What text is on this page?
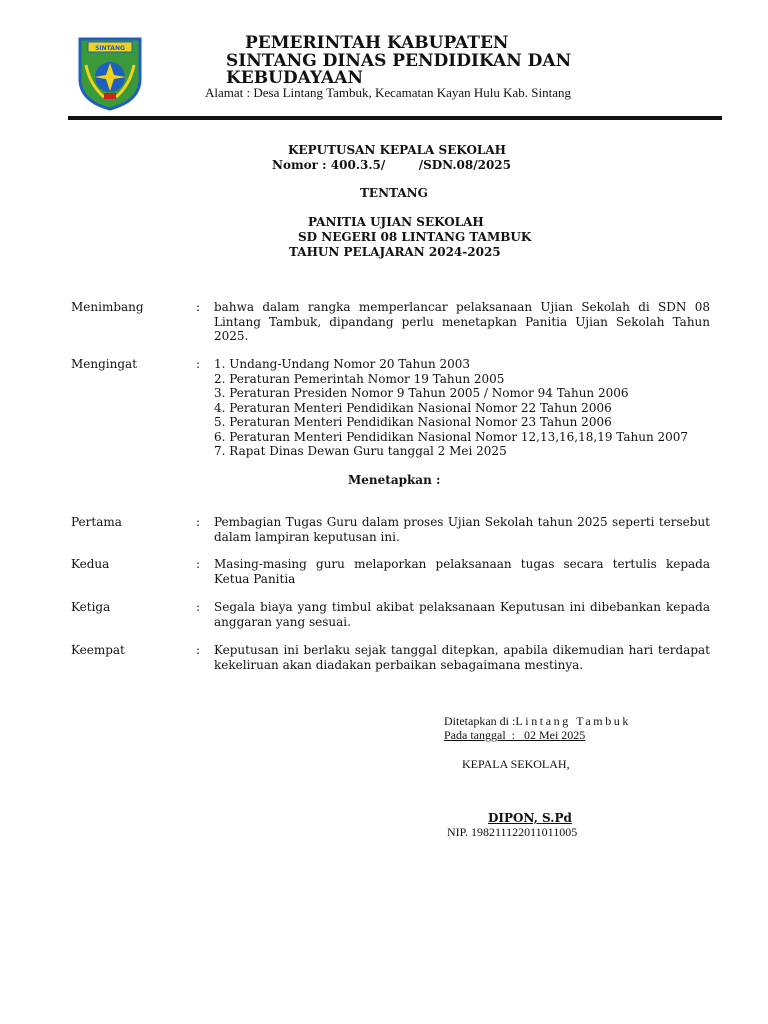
SINTANG	PEMERINTAH KABUPATEN
SINTANG DINAS PENDIDIKAN DAN
KEBUDAYAAN
Alamat : Desa Lintang Tambuk, Kecamatan Kayan Hulu Kab. Sintang
KEPUTUSAN KEPALA SEKOLAH
Nomor : 400.3.5/        /SDN.08/2025
TENTANG
PANITIA UJIAN SEKOLAH
SD NEGERI 08 LINTANG TAMBUK
TAHUN PELAJARAN 2024-2025
Menimbang	: bahwa dalam rangka memperlancar pelaksanaan Ujian Sekolah di SDN 08 Lintang Tambuk, dipandang perlu menetapkan Panitia Ujian Sekolah Tahun 2025.
Mengingat	: 1. Undang-Undang Nomor 20 Tahun 2003
2. Peraturan Pemerintah Nomor 19 Tahun 2005
3. Peraturan Presiden Nomor 9 Tahun 2005 / Nomor 94 Tahun 2006
4. Peraturan Menteri Pendidikan Nasional Nomor 22 Tahun 2006
5. Peraturan Menteri Pendidikan Nasional Nomor 23 Tahun 2006
6. Peraturan Menteri Pendidikan Nasional Nomor 12,13,16,18,19 Tahun 2007
7. Rapat Dinas Dewan Guru tanggal 2 Mei 2025
Menetapkan :
Pertama	: Pembagian Tugas Guru dalam proses Ujian Sekolah tahun 2025 seperti tersebut dalam lampiran keputusan ini.
Kedua	: Masing-masing guru melaporkan pelaksanaan tugas secara tertulis kepada Ketua Panitia
Ketiga	: Segala biaya yang timbul akibat pelaksanaan Keputusan ini dibebankan kepada anggaran yang sesuai.
Keempat	: Keputusan ini berlaku sejak tanggal ditepkan, apabila dikemudian hari terdapat kekeliruan akan diadakan perbaikan sebagaimana mestinya.
Ditetapkan di :Lintang Tambuk
Pada tanggal  :   02 Mei 2025
KEPALA SEKOLAH,
DIPON, S.Pd
NIP. 198211122011011005
